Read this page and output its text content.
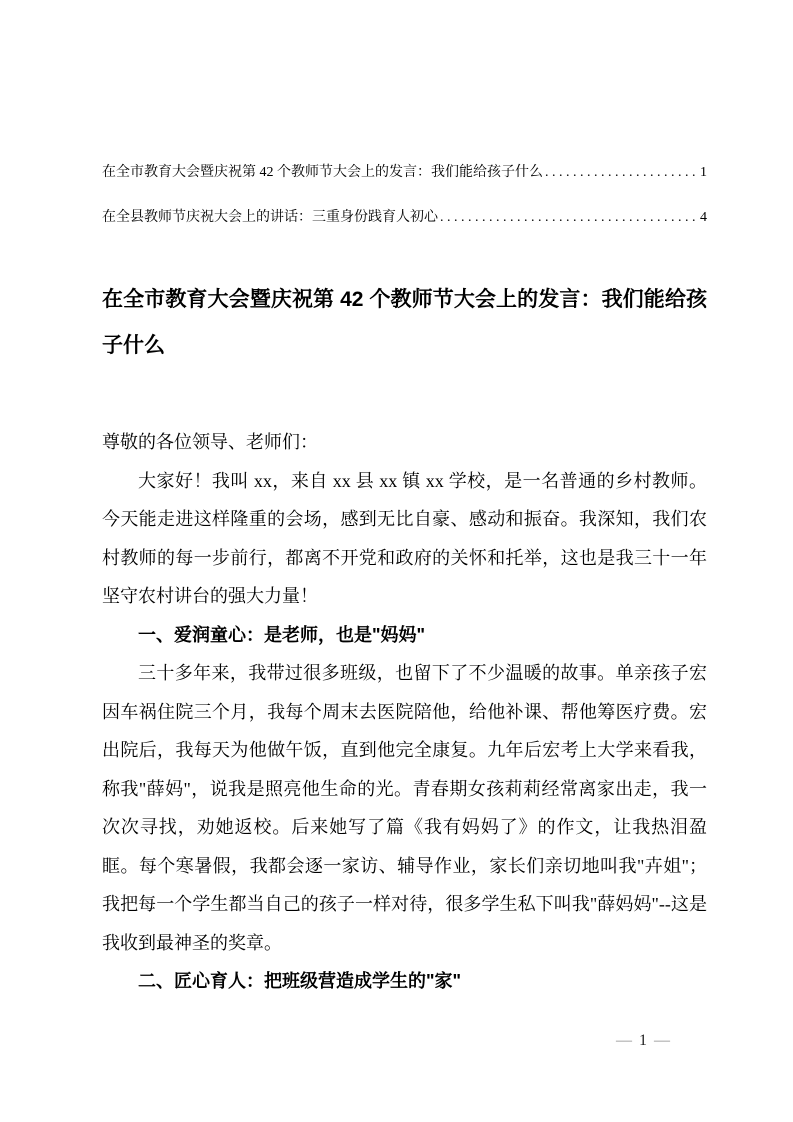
在全市教育大会暨庆祝第 42 个教师节大会上的发言：我们能给孩子什么 . . .	1
在全县教师节庆祝大会上的讲话：三重身份践育人初心 . . .	4
在全市教育大会暨庆祝第 42 个教师节大会上的发言：我们能给孩子什么

尊敬的各位领导、老师们：

大家好！我叫 xx，来自 xx 县 xx 镇 xx 学校，是一名普通的乡村教师。今天能走进这样隆重的会场，感到无比自豪、感动和振奋。我深知，我们农村教师的每一步前行，都离不开党和政府的关怀和托举，这也是我三十一年坚守农村讲台的强大力量！

一、爱润童心：是老师，也是"妈妈"

三十多年来，我带过很多班级，也留下了不少温暖的故事。单亲孩子宏因车祸住院三个月，我每个周末去医院陪他，给他补课、帮他筹医疗费。宏出院后，我每天为他做午饭，直到他完全康复。九年后宏考上大学来看我，称我"薛妈"，说我是照亮他生命的光。青春期女孩莉莉经常离家出走，我一次次寻找，劝她返校。后来她写了篇《我有妈妈了》的作文，让我热泪盈眶。每个寒暑假，我都会逐一家访、辅导作业，家长们亲切地叫我"卉姐"；我把每一个学生都当自己的孩子一样对待，很多学生私下叫我"薛妈妈"--这是我收到最神圣的奖章。

二、匠心育人：把班级营造成学生的"家"

— 1 —
